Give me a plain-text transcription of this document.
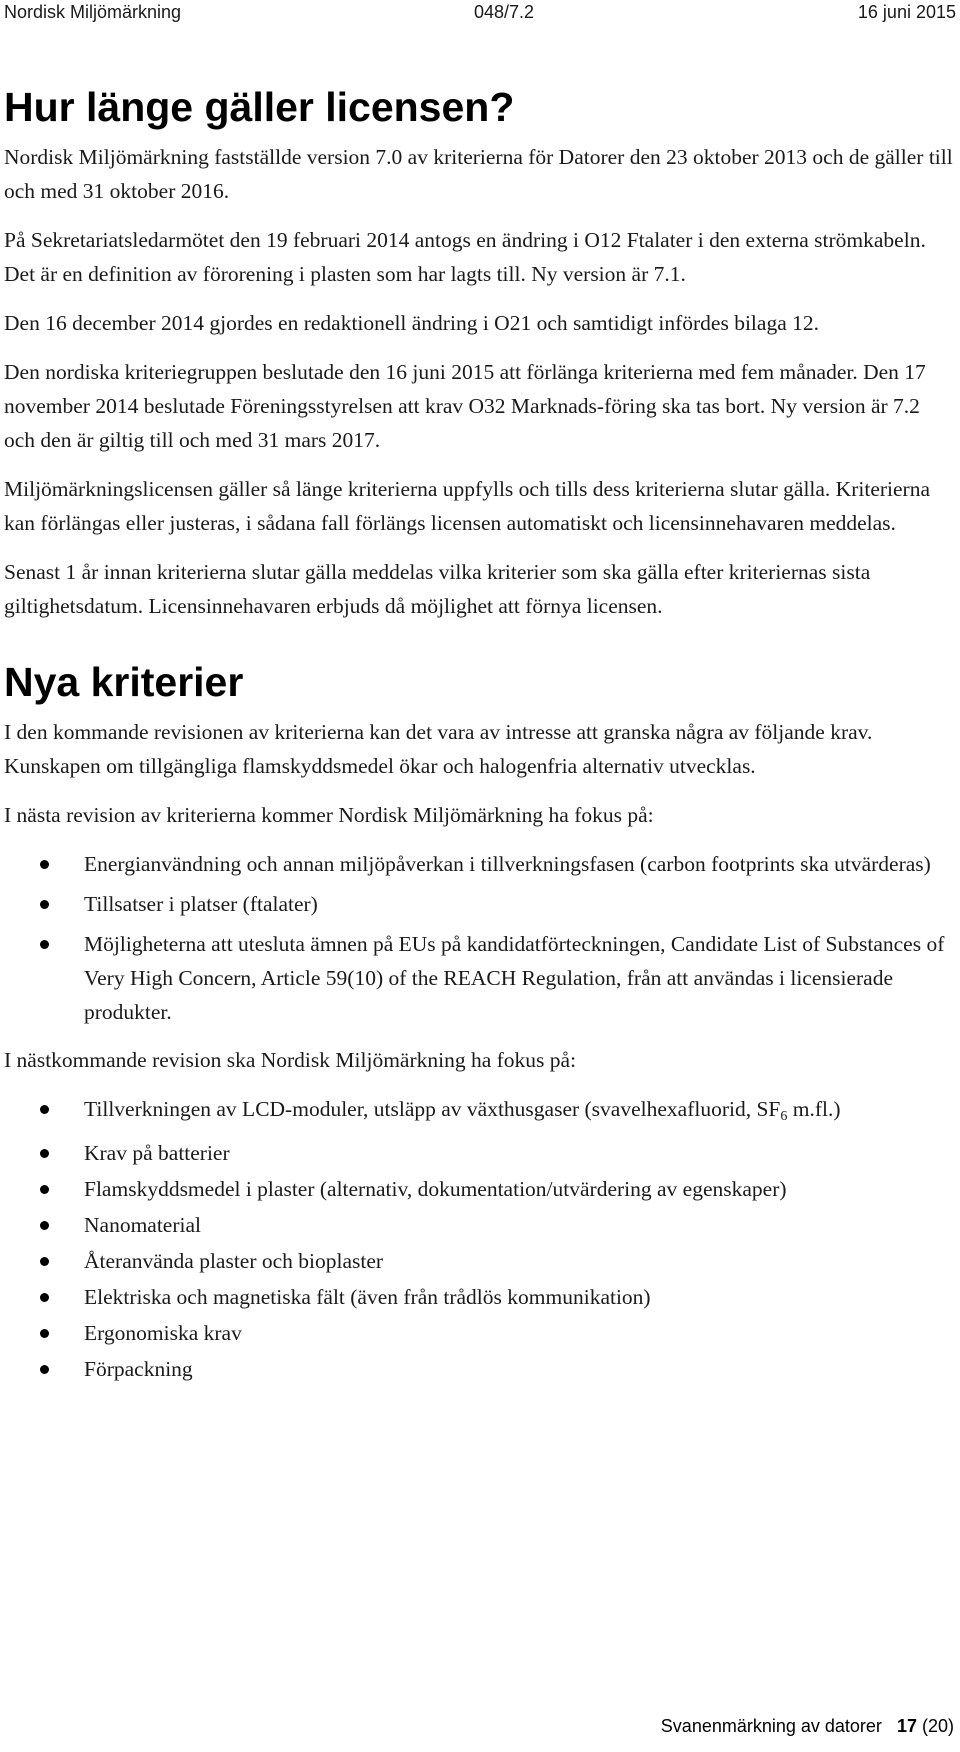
Nordisk Miljömärkning	048/7.2	16 juni 2015
Hur länge gäller licensen?

Nordisk Miljömärkning fastställde version 7.0 av kriterierna för Datorer den 23 oktober 2013 och de gäller till och med 31 oktober 2016.

På Sekretariatsledarmötet den 19 februari 2014 antogs en ändring i O12 Ftalater i den externa strömkabeln. Det är en definition av förorening i plasten som har lagts till. Ny version är 7.1.

Den 16 december 2014 gjordes en redaktionell ändring i O21 och samtidigt infördes bilaga 12.

Den nordiska kriteriegruppen beslutade den 16 juni 2015 att förlänga kriterierna med fem månader. Den 17 november 2014 beslutade Föreningsstyrelsen att krav O32 Marknads-föring ska tas bort. Ny version är 7.2 och den är giltig till och med 31 mars 2017.

Miljömärkningslicensen gäller så länge kriterierna uppfylls och tills dess kriterierna slutar gälla. Kriterierna kan förlängas eller justeras, i sådana fall förlängs licensen automatiskt och licensinnehavaren meddelas.

Senast 1 år innan kriterierna slutar gälla meddelas vilka kriterier som ska gälla efter kriteriernas sista giltighetsdatum. Licensinnehavaren erbjuds då möjlighet att förnya licensen.

Nya kriterier

I den kommande revisionen av kriterierna kan det vara av intresse att granska några av följande krav. Kunskapen om tillgängliga flamskyddsmedel ökar och halogenfria alternativ utvecklas.

I nästa revision av kriterierna kommer Nordisk Miljömärkning ha fokus på:

Energianvändning och annan miljöpåverkan i tillverkningsfasen (carbon footprints ska utvärderas)
Tillsatser i platser (ftalater)
Möjligheterna att utesluta ämnen på EUs på kandidatförteckningen, Candidate List of Substances of Very High Concern, Article 59(10) of the REACH Regulation, från att användas i licensierade produkter.

I nästkommande revision ska Nordisk Miljömärkning ha fokus på:

Tillverkningen av LCD-moduler, utsläpp av växthusgaser (svavelhexafluorid, $SF_6$ m.fl.)
Krav på batterier
Flamskyddsmedel i plaster (alternativ, dokumentation/utvärdering av egenskaper)
Nanomaterial
Återanvända plaster och bioplaster
Elektriska och magnetiska fält (även från trådlös kommunikation)
Ergonomiska krav
Förpackning
Svanenmärkning av datorer 17 (20)
